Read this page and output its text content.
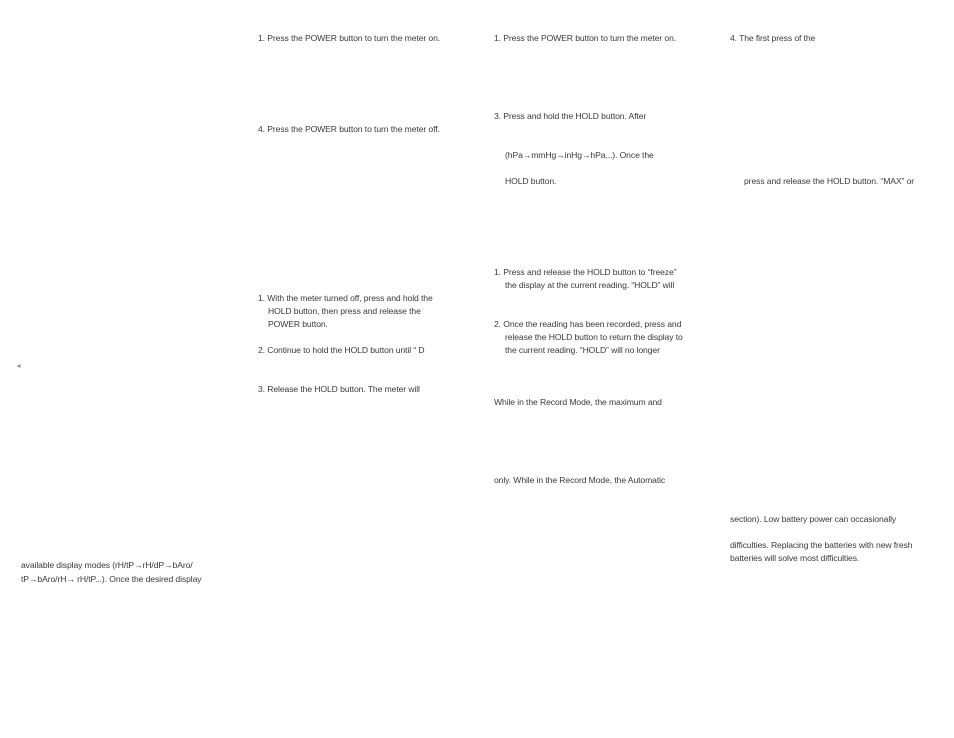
◄
available display modes (rH/tP→rH/dP→bAro/
tP→bAro/rH→ rH/tP...). Once the desired display
1. Press the POWER button to turn the meter on.
4. Press the POWER button to turn the meter off.
1. With the meter turned off, press and hold the
HOLD button, then press and release the
POWER button.
2. Continue to hold the HOLD button until “ D
3. Release the HOLD button. The meter will
1. Press the POWER button to turn the meter on.
3. Press and hold the HOLD button. After
(hPa→mmHg→inHg→hPa...). Once the
HOLD button.
1. Press and release the HOLD button to “freeze”
the display at the current reading. “HOLD” will
2. Once the reading has been recorded, press and
release the HOLD button to return the display to
the current reading. “HOLD” will no longer
While in the Record Mode, the maximum and
only. While in the Record Mode, the Automatic
4. The first press of the
press and release the HOLD button. “MAX” or
section). Low battery power can occasionally
difficulties. Replacing the batteries with new fresh
batteries will solve most difficulties.
